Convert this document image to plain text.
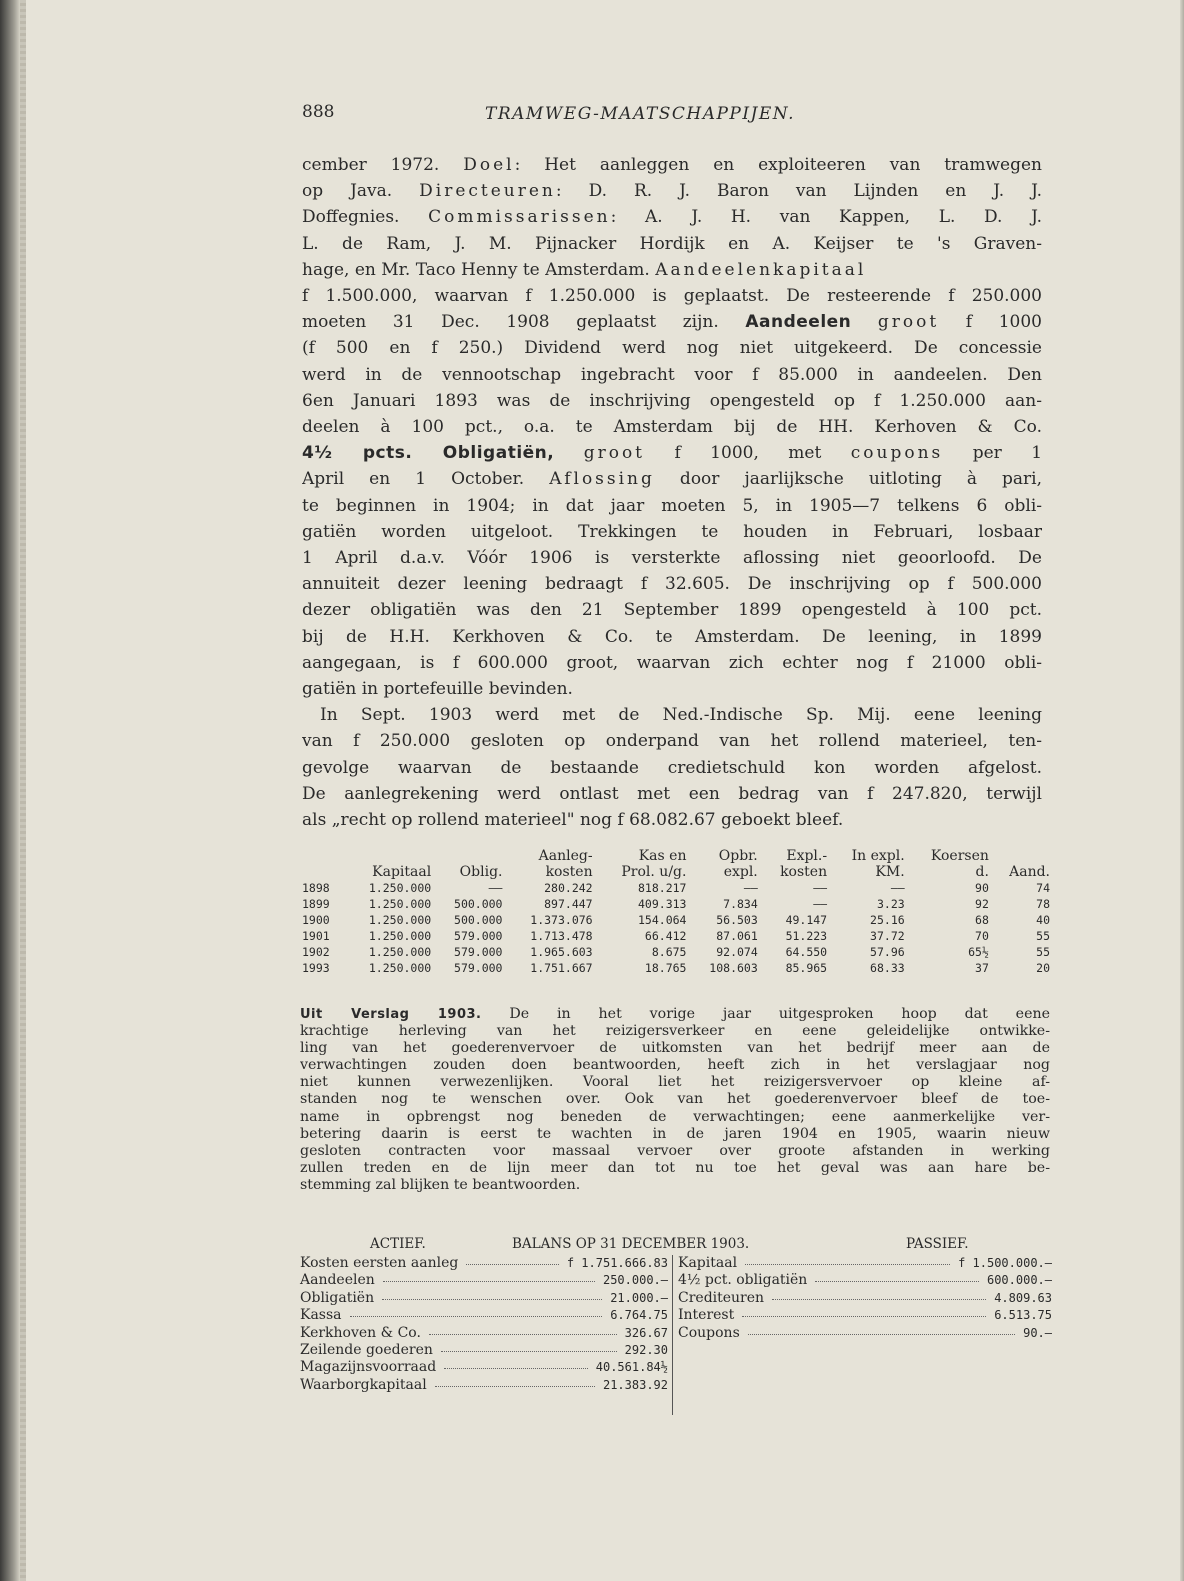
888	TRAMWEG-MAATSCHAPPIJEN.
cember 1972. Doel: Het aanleggen en exploiteeren van tramwegen
op Java. Directeuren: D. R. J. Baron van Lijnden en J. J.
Doffegnies. Commissarissen: A. J. H. van Kappen, L. D. J.
L. de Ram, J. M. Pijnacker Hordijk en A. Keijser te 's Graven-
hage, en Mr. Taco Henny te Amsterdam. Aandeelenkapitaal
f 1.500.000, waarvan f 1.250.000 is geplaatst. De resteerende f 250.000
moeten 31 Dec. 1908 geplaatst zijn. Aandeelen groot f 1000
(f 500 en f 250.) Dividend werd nog niet uitgekeerd. De concessie
werd in de vennootschap ingebracht voor f 85.000 in aandeelen. Den
6en Januari 1893 was de inschrijving opengesteld op f 1.250.000 aan-
deelen à 100 pct., o.a. te Amsterdam bij de HH. Kerhoven & Co.
4½ pcts. Obligatiën, groot f 1000, met coupons per 1
April en 1 October. Aflossing door jaarlijksche uitloting à pari,
te beginnen in 1904; in dat jaar moeten 5, in 1905—7 telkens 6 obli-
gatiën worden uitgeloot. Trekkingen te houden in Februari, losbaar
1 April d.a.v. Vóór 1906 is versterkte aflossing niet geoorloofd. De
annuiteit dezer leening bedraagt f 32.605. De inschrijving op f 500.000
dezer obligatiën was den 21 September 1899 opengesteld à 100 pct.
bij de H.H. Kerkhoven & Co. te Amsterdam. De leening, in 1899
aangegaan, is f 600.000 groot, waarvan zich echter nog f 21000 obli-
gatiën in portefeuille bevinden.
In Sept. 1903 werd met de Ned.-Indische Sp. Mij. eene leening
van f 250.000 gesloten op onderpand van het rollend materieel, ten-
gevolge waarvan de bestaande credietschuld kon worden afgelost.
De aanlegrekening werd ontlast met een bedrag van f 247.820, terwijl
als „recht op rollend materieel" nog f 68.082.67 geboekt bleef.
			Aanleg-	Kas en	Opbr.	Expl.-	In expl.	Koersen	
	Kapitaal	Oblig.	kosten	Prol. u/g.	expl.	kosten	KM.	d.	Aand.
1898	1.250.000	——	280.242	818.217	——	——	——	90	74
1899	1.250.000	500.000	897.447	409.313	7.834	——	3.23	92	78
1900	1.250.000	500.000	1.373.076	154.064	56.503	49.147	25.16	68	40
1901	1.250.000	579.000	1.713.478	66.412	87.061	51.223	37.72	70	55
1902	1.250.000	579.000	1.965.603	8.675	92.074	64.550	57.96	65½	55
1993	1.250.000	579.000	1.751.667	18.765	108.603	85.965	68.33	37	20
Uit Verslag 1903. De in het vorige jaar uitgesproken hoop dat eene
krachtige herleving van het reizigersverkeer en eene geleidelijke ontwikke-
ling van het goederenvervoer de uitkomsten van het bedrijf meer aan de
verwachtingen zouden doen beantwoorden, heeft zich in het verslagjaar nog
niet kunnen verwezenlijken. Vooral liet het reizigersvervoer op kleine af-
standen nog te wenschen over. Ook van het goederenvervoer bleef de toe-
name in opbrengst nog beneden de verwachtingen; eene aanmerkelijke ver-
betering daarin is eerst te wachten in de jaren 1904 en 1905, waarin nieuw
gesloten contracten voor massaal vervoer over groote afstanden in werking
zullen treden en de lijn meer dan tot nu toe het geval was aan hare be-
stemming zal blijken te beantwoorden.
ACTIEF.	BALANS OP 31 DECEMBER 1903.	PASSIEF.
Kosten eersten aanleg	f 1.751.666.83
Aandeelen	250.000.—
Obligatiën	21.000.—
Kassa	6.764.75
Kerkhoven & Co.	326.67
Zeilende goederen	292.30
Magazijnsvoorraad	40.561.84½
Waarborgkapitaal	21.383.92
Kapitaal	f 1.500.000.—
4½ pct. obligatiën	600.000.—
Crediteuren	4.809.63
Interest	6.513.75
Coupons	90.—
